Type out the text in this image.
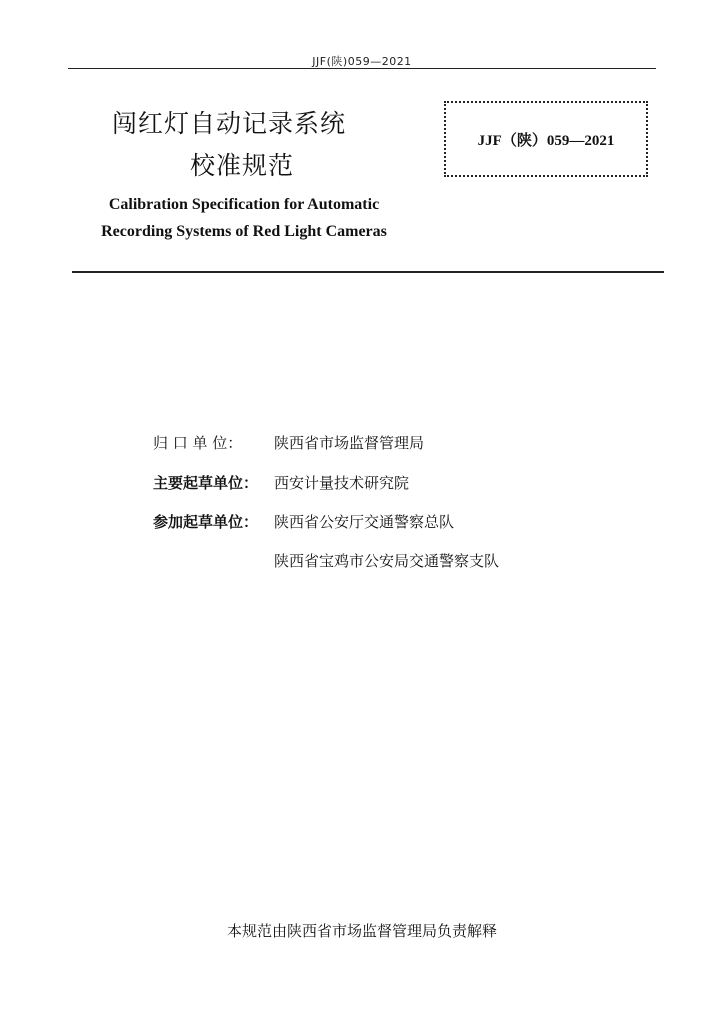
JJF(陕)059—2021
闯红灯自动记录系统
校准规范
Calibration Specification for Automatic
Recording Systems of Red Light Cameras
JJF（陕）059—2021
归 口 单 位： 陕西省市场监督管理局
主要起草单位： 西安计量技术研究院
参加起草单位： 陕西省公安厅交通警察总队
陕西省宝鸡市公安局交通警察支队
本规范由陕西省市场监督管理局负责解释
